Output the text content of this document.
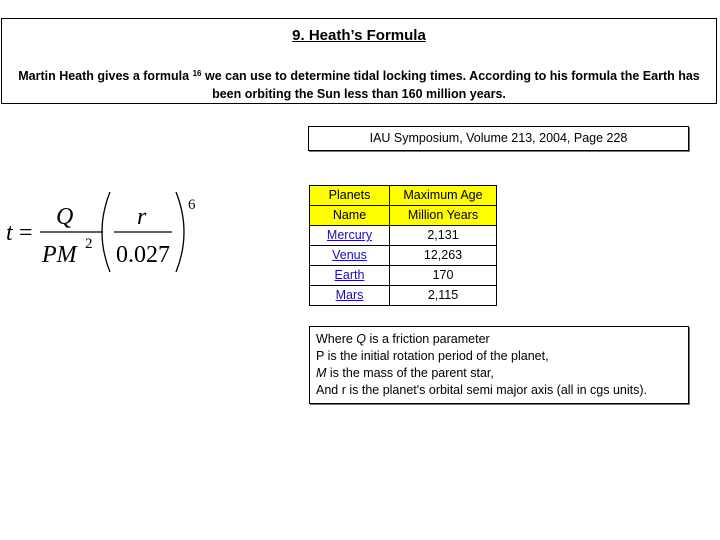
9. Heath’s Formula
Martin Heath gives a formula $^{16}$ we can use to determine tidal locking times. According to his formula the Earth has been orbiting the Sun less than 160 million years.
IAU Symposium, Volume 213, 2004, Page 228
t =
Q
PM 2
r
0.027
6
Planets	Maximum Age
Name	Million Years
Mercury	2,131
Venus	12,263
Earth	170
Mars	2,115
Where Q is a friction parameter
P is the initial rotation period of the planet,
M is the mass of the parent star,
And r is the planet's orbital semi major axis (all in cgs units).
